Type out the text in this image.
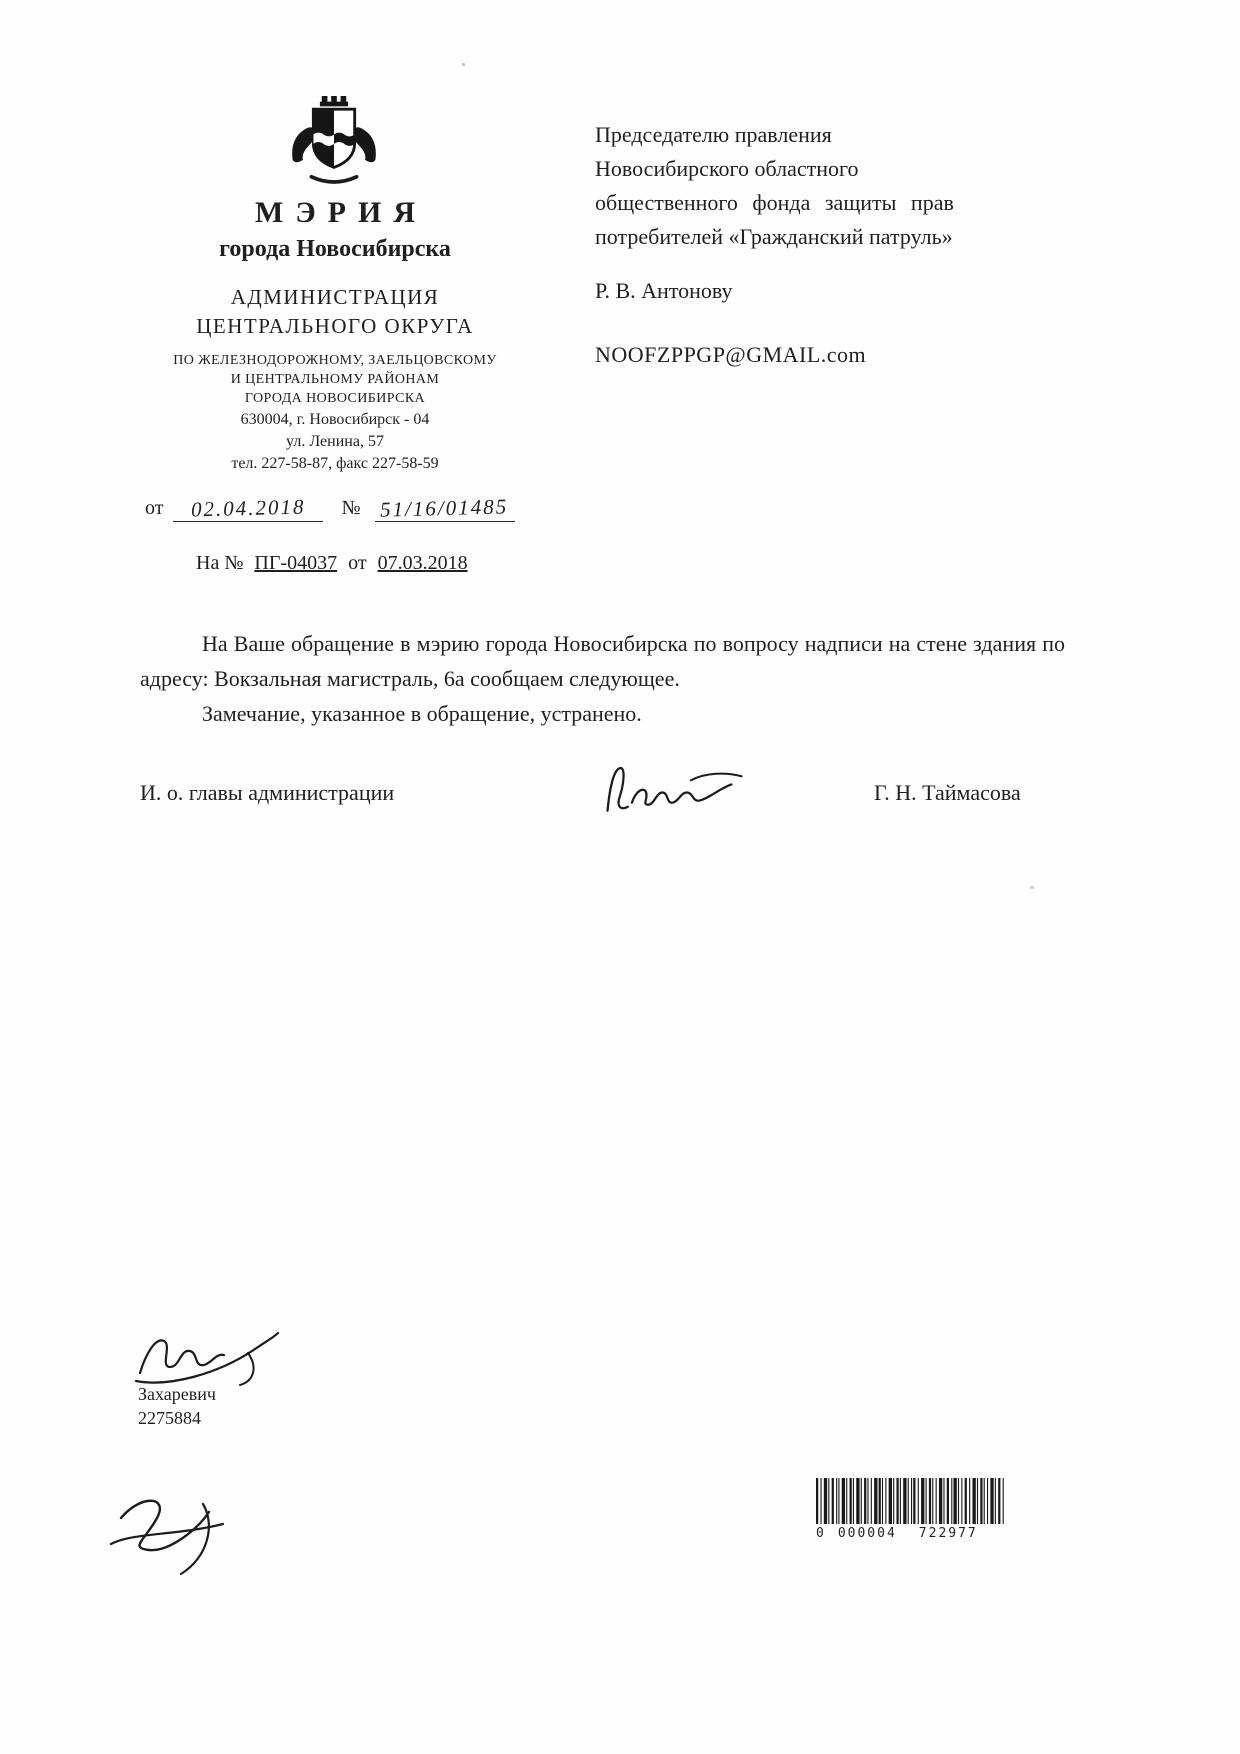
МЭРИЯ
города Новосибирска
АДМИНИСТРАЦИЯ
ЦЕНТРАЛЬНОГО ОКРУГА
ПО ЖЕЛЕЗНОДОРОЖНОМУ, ЗАЕЛЬЦОВСКОМУ
И ЦЕНТРАЛЬНОМУ РАЙОНАМ
ГОРОДА НОВОСИБИРСКА
630004, г. Новосибирск - 04
ул. Ленина, 57
тел. 227-58-87, факс 227-58-59
от 02.04.2018 № 51/16/01485
На № ПГ-04037 от 07.03.2018
Председателю правления
Новосибирского областного
общественного фонда защиты прав
потребителей «Гражданский патруль»
Р. В. Антонову
NOOFZPPGP@GMAIL.com

На Ваше обращение в мэрию города Новосибирска по вопросу надписи на стене здания по адресу: Вокзальная магистраль, 6а сообщаем следующее.

Замечание, указанное в обращение, устранено.

И. о. главы администрации	Г. Н. Таймасова
Захаревич
2275884
0 000004 722977
